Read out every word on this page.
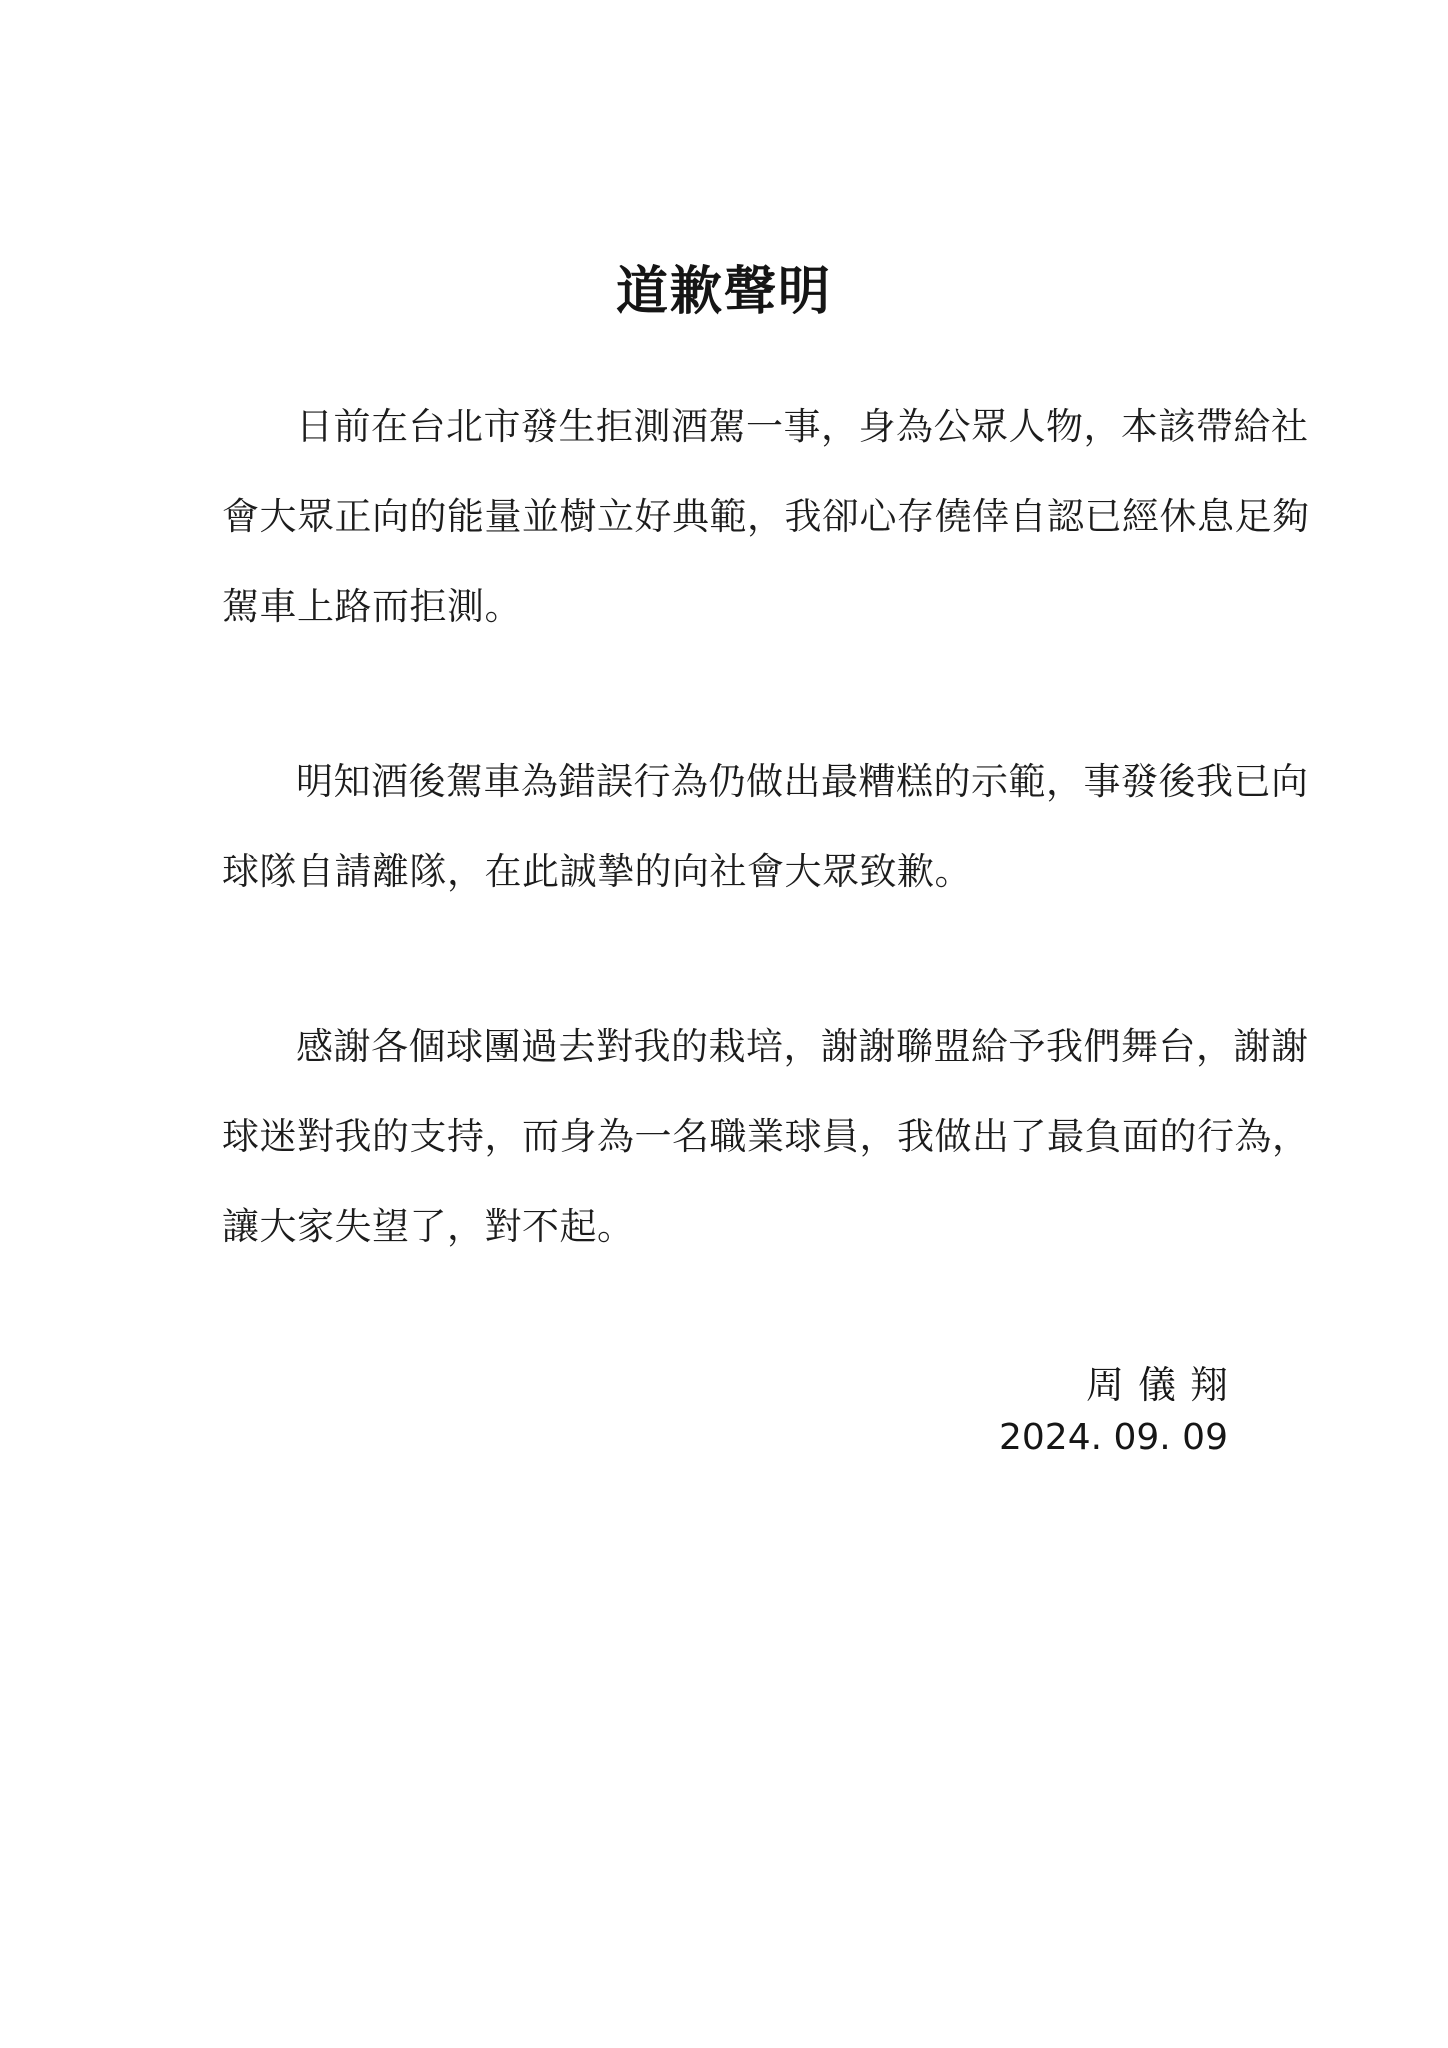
道歉聲明
日前在台北市發生拒測酒駕一事，身為公眾人物，本該帶給社
會大眾正向的能量並樹立好典範，我卻心存僥倖自認已經休息足夠
駕車上路而拒測。
明知酒後駕車為錯誤行為仍做出最糟糕的示範，事發後我已向
球隊自請離隊，在此誠摯的向社會大眾致歉。
感謝各個球團過去對我的栽培，謝謝聯盟給予我們舞台，謝謝
球迷對我的支持，而身為一名職業球員，我做出了最負面的行為，
讓大家失望了，對不起。
周儀翔
2024. 09. 09
